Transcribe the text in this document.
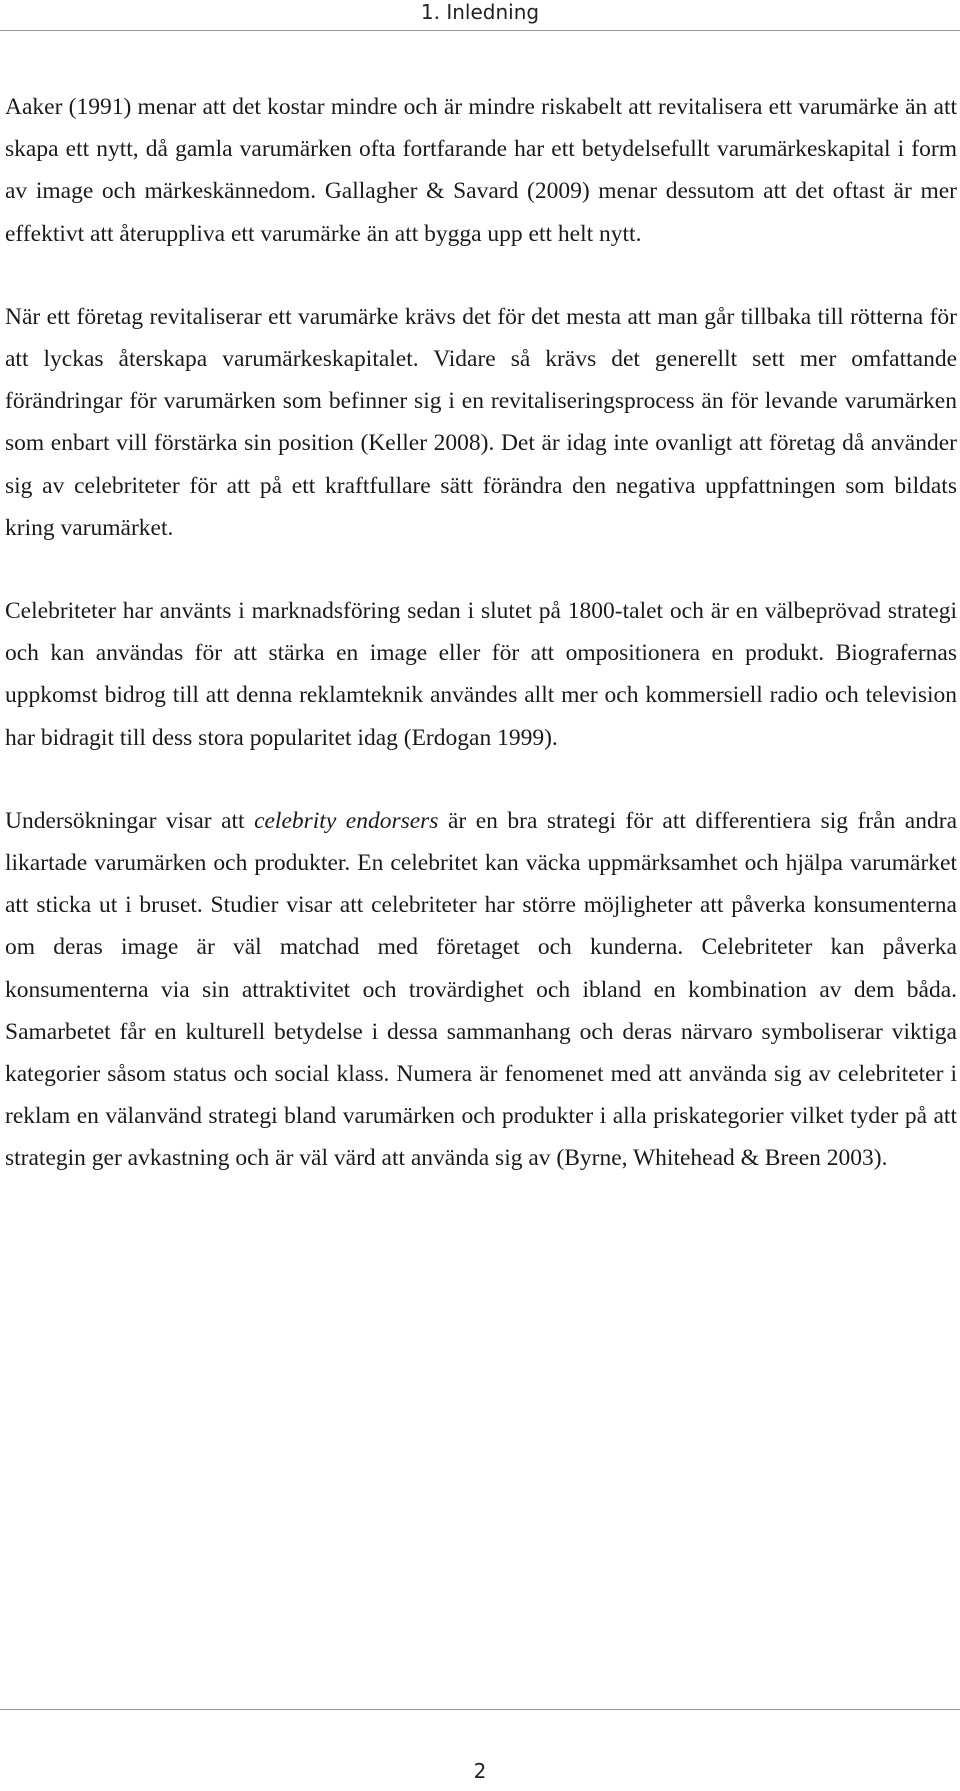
1. Inledning

Aaker (1991) menar att det kostar mindre och är mindre riskabelt att revitalisera ett varumärke än att skapa ett nytt, då gamla varumärken ofta fortfarande har ett betydelsefullt varumärkeskapital i form av image och märkeskännedom. Gallagher & Savard (2009) menar dessutom att det oftast är mer effektivt att återuppliva ett varumärke än att bygga upp ett helt nytt.

När ett företag revitaliserar ett varumärke krävs det för det mesta att man går tillbaka till rötterna för att lyckas återskapa varumärkeskapitalet. Vidare så krävs det generellt sett mer omfattande förändringar för varumärken som befinner sig i en revitaliseringsprocess än för levande varumärken som enbart vill förstärka sin position (Keller 2008). Det är idag inte ovanligt att företag då använder sig av celebriteter för att på ett kraftfullare sätt förändra den negativa uppfattningen som bildats kring varumärket.

Celebriteter har använts i marknadsföring sedan i slutet på 1800-talet och är en välbeprövad strategi och kan användas för att stärka en image eller för att ompositionera en produkt. Biografernas uppkomst bidrog till att denna reklamteknik användes allt mer och kommersiell radio och television har bidragit till dess stora popularitet idag (Erdogan 1999).

Undersökningar visar att celebrity endorsers är en bra strategi för att differentiera sig från andra likartade varumärken och produkter. En celebritet kan väcka uppmärksamhet och hjälpa varumärket att sticka ut i bruset. Studier visar att celebriteter har större möjligheter att påverka konsumenterna om deras image är väl matchad med företaget och kunderna. Celebriteter kan påverka konsumenterna via sin attraktivitet och trovärdighet och ibland en kombination av dem båda. Samarbetet får en kulturell betydelse i dessa sammanhang och deras närvaro symboliserar viktiga kategorier såsom status och social klass. Numera är fenomenet med att använda sig av celebriteter i reklam en välanvänd strategi bland varumärken och produkter i alla priskategorier vilket tyder på att strategin ger avkastning och är väl värd att använda sig av (Byrne, Whitehead & Breen 2003).

2
